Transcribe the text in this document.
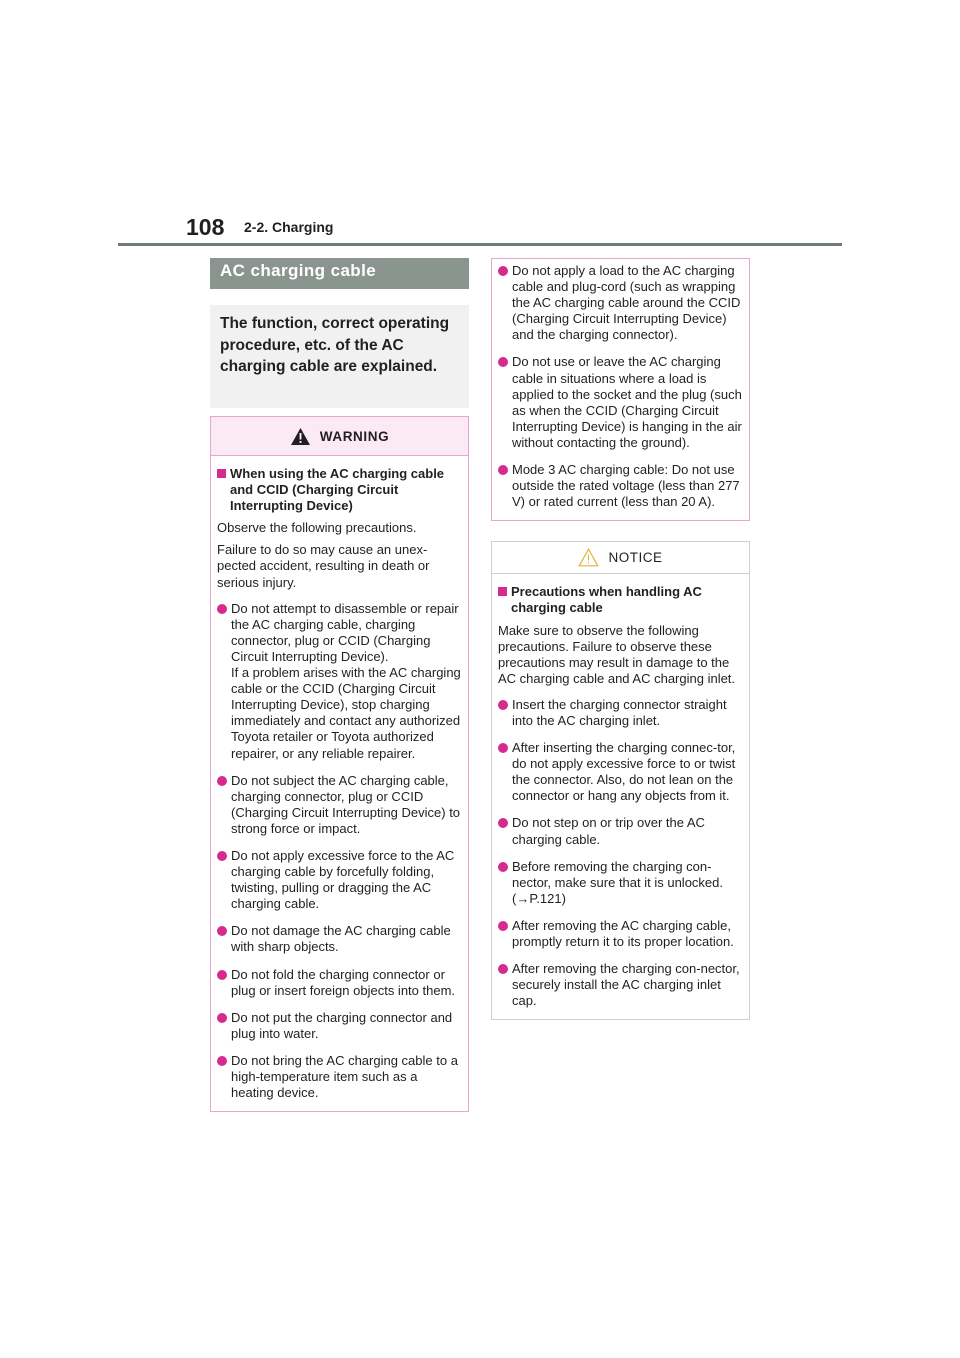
108 2-2. Charging
AC charging cable
The function, correct operating procedure, etc. of the AC charging cable are explained.
WARNING
When using the AC charging cable and CCID (Charging Circuit Interrupting Device)
Observe the following precautions.
Failure to do so may cause an unex-pected accident, resulting in death or serious injury.
Do not attempt to disassemble or repair the AC charging cable, charging connector, plug or CCID (Charging Circuit Interrupting Device).
If a problem arises with the AC charging cable or the CCID (Charging Circuit Interrupting Device), stop charging immediately and contact any authorized Toyota retailer or Toyota authorized repairer, or any reliable repairer.
Do not subject the AC charging cable, charging connector, plug or CCID (Charging Circuit Interrupting Device) to strong force or impact.
Do not apply excessive force to the AC charging cable by forcefully folding, twisting, pulling or dragging the AC charging cable.
Do not damage the AC charging cable with sharp objects.
Do not fold the charging connector or plug or insert foreign objects into them.
Do not put the charging connector and plug into water.
Do not bring the AC charging cable to a high-temperature item such as a heating device.
Do not apply a load to the AC charging cable and plug-cord (such as wrapping the AC charging cable around the CCID (Charging Circuit Interrupting Device) and the charging connector).
Do not use or leave the AC charging cable in situations where a load is applied to the socket and the plug (such as when the CCID (Charging Circuit Interrupting Device) is hanging in the air without contacting the ground).
Mode 3 AC charging cable: Do not use outside the rated voltage (less than 277 V) or rated current (less than 20 A).
NOTICE
Precautions when handling AC charging cable
Make sure to observe the following precautions. Failure to observe these precautions may result in damage to the AC charging cable and AC charging inlet.
Insert the charging connector straight into the AC charging inlet.
After inserting the charging connec-tor, do not apply excessive force to or twist the connector. Also, do not lean on the connector or hang any objects from it.
Do not step on or trip over the AC charging cable.
Before removing the charging con-nector, make sure that it is unlocked. (→P.121)
After removing the AC charging cable, promptly return it to its proper location.
After removing the charging con-nector, securely install the AC charging inlet cap.
